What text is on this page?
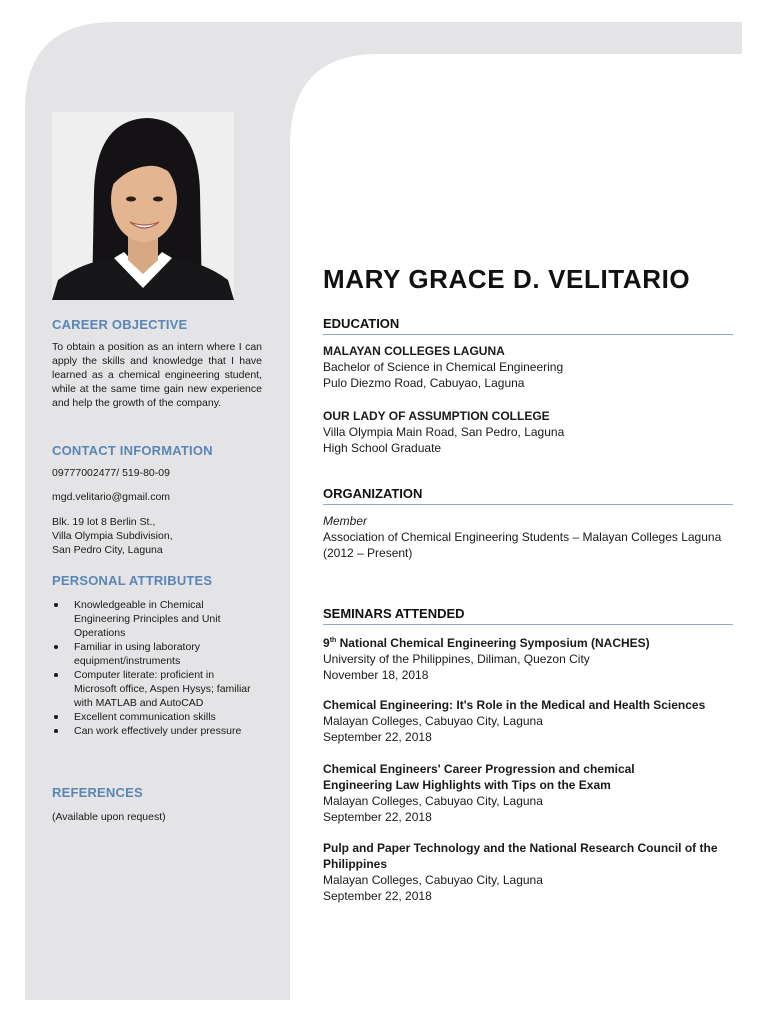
CAREER OBJECTIVE
To obtain a position as an intern where I can apply the skills and knowledge that I have learned as a chemical engineering student, while at the same time gain new experience and help the growth of the company.
CONTACT INFORMATION
09777002477/ 519-80-09
mgd.velitario@gmail.com

Blk. 19 lot 8 Berlin St.,

Villa Olympia Subdivision,

San Pedro City, Laguna

PERSONAL ATTRIBUTES
Knowledgeable in Chemical Engineering Principles and Unit Operations
Familiar in using laboratory equipment/instruments
Computer literate: proficient in Microsoft office, Aspen Hysys; familiar with MATLAB and AutoCAD
Excellent communication skills
Can work effectively under pressure
REFERENCES
(Available upon request)
MARY GRACE D. VELITARIO
EDUCATION
MALAYAN COLLEGES LAGUNA
Bachelor of Science in Chemical Engineering
Pulo Diezmo Road, Cabuyao, Laguna
OUR LADY OF ASSUMPTION COLLEGE
Villa Olympia Main Road, San Pedro, Laguna
High School Graduate
ORGANIZATION
Member
Association of Chemical Engineering Students – Malayan Colleges Laguna (2012 – Present)
SEMINARS ATTENDED
9th National Chemical Engineering Symposium (NACHES)
University of the Philippines, Diliman, Quezon City
November 18, 2018
Chemical Engineering: It's Role in the Medical and Health Sciences
Malayan Colleges, Cabuyao City, Laguna
September 22, 2018
Chemical Engineers' Career Progression and chemical Engineering Law Highlights with Tips on the Exam
Malayan Colleges, Cabuyao City, Laguna
September 22, 2018
Pulp and Paper Technology and the National Research Council of the Philippines
Malayan Colleges, Cabuyao City, Laguna
September 22, 2018
